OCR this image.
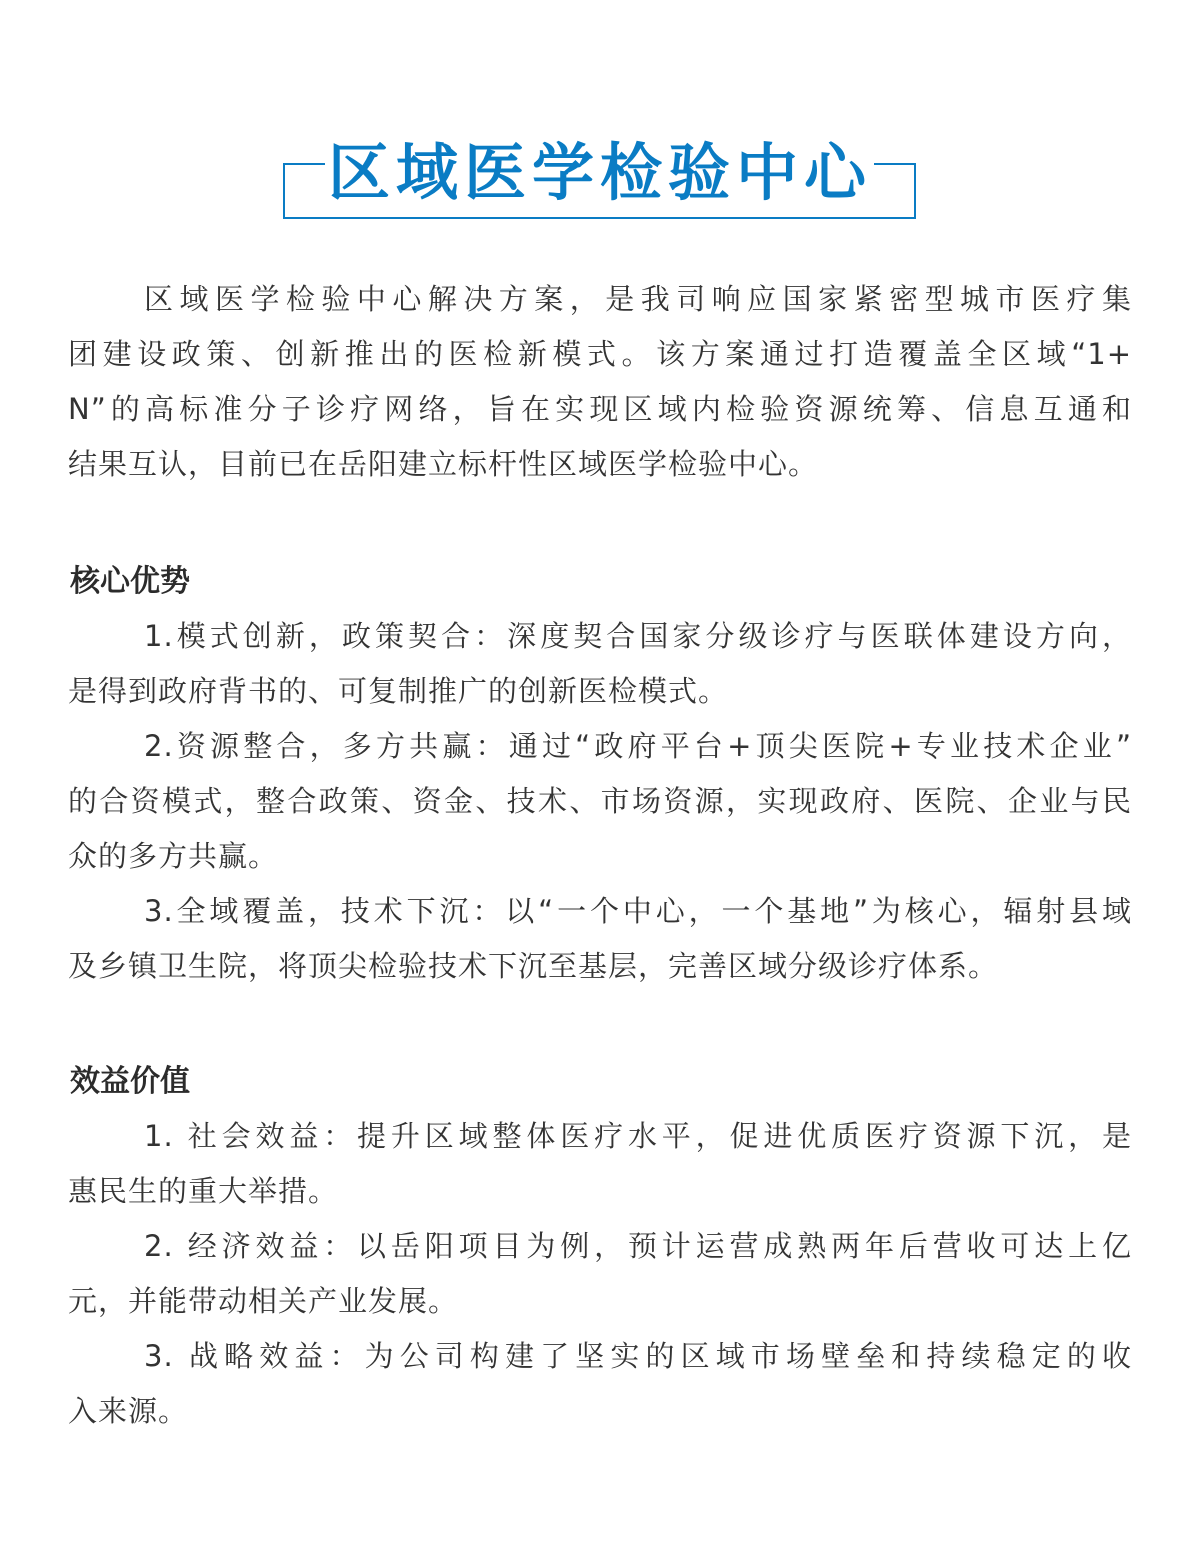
区域医学检验中心
区域医学检验中心解决方案，是我司响应国家紧密型城市医疗集
团建设政策、创新推出的医检新模式。该方案通过打造覆盖全区域“1+
N”的高标准分子诊疗网络，旨在实现区域内检验资源统筹、信息互通和
结果互认，目前已在岳阳建立标杆性区域医学检验中心。
核心优势
1.模式创新，政策契合：深度契合国家分级诊疗与医联体建设方向，
是得到政府背书的、可复制推广的创新医检模式。
2.资源整合，多方共赢：通过“政府平台+顶尖医院+专业技术企业”
的合资模式，整合政策、资金、技术、市场资源，实现政府、医院、企业与民
众的多方共赢。
3.全域覆盖，技术下沉：以“一个中心，一个基地”为核心，辐射县域
及乡镇卫生院，将顶尖检验技术下沉至基层，完善区域分级诊疗体系。
效益价值
1. 社会效益：提升区域整体医疗水平，促进优质医疗资源下沉，是
惠民生的重大举措。
2. 经济效益：以岳阳项目为例，预计运营成熟两年后营收可达上亿
元，并能带动相关产业发展。
3. 战略效益：为公司构建了坚实的区域市场壁垒和持续稳定的收
入来源。
